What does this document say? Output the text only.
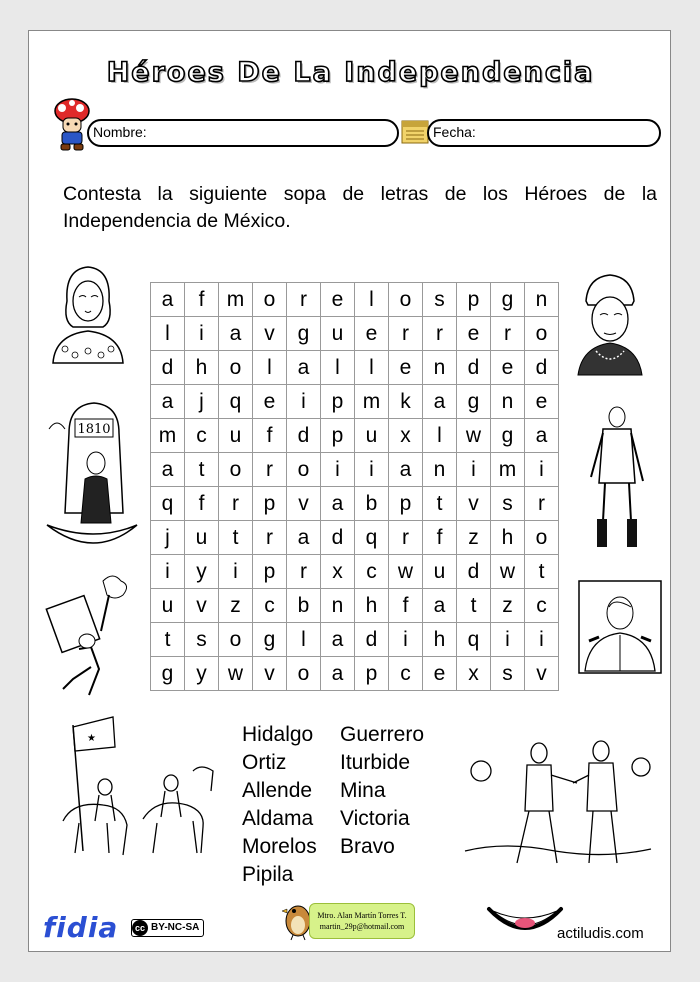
Héroes De La Independencia
Nombre:	Fecha:
Contesta la siguiente sopa de letras de los Héroes de la Independencia de México.
a	f	m	o	r	e	l	o	s	p	g	n
l	i	a	v	g	u	e	r	r	e	r	o
d	h	o	l	a	l	l	e	n	d	e	d
a	j	q	e	i	p	m	k	a	g	n	e
m	c	u	f	d	p	u	x	l	w	g	a
a	t	o	r	o	i	i	a	n	i	m	i
q	f	r	p	v	a	b	p	t	v	s	r
j	u	t	r	a	d	q	r	f	z	h	o
i	y	i	p	r	x	c	w	u	d	w	t
u	v	z	c	b	n	h	f	a	t	z	c
t	s	o	g	l	a	d	i	h	q	i	i
g	y	w	v	o	a	p	c	e	x	s	v
Hidalgo
Ortiz
Allende
Aldama
Morelos
Pipila
Guerrero
Iturbide
Mina
Victoria
Bravo
1810
★
fidia	cc BY-NC-SA
Mtro. Alan Martín Torres T.
martin_29p@hotmail.com	actiludis.com
